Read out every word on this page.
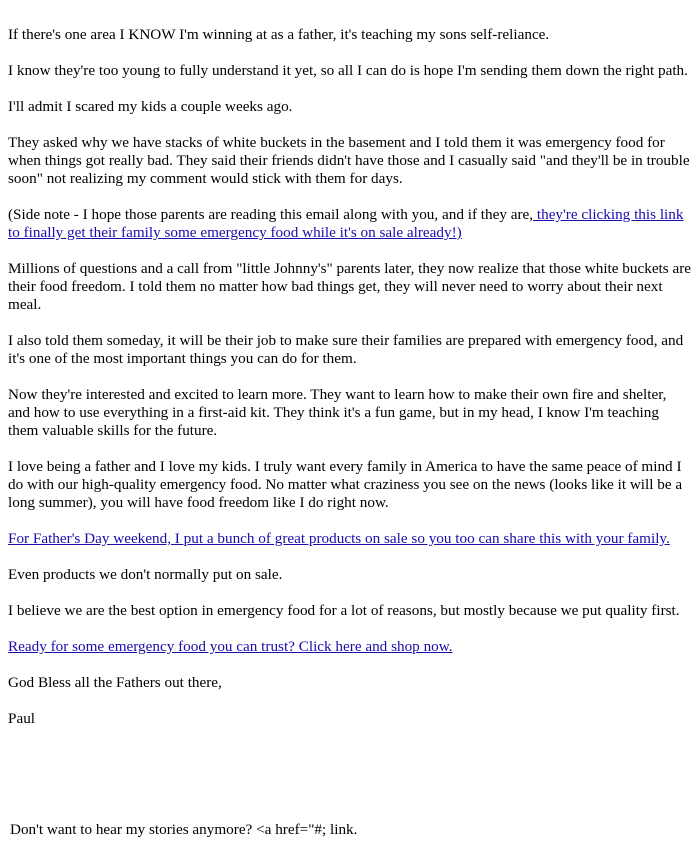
If there's one area I KNOW I'm winning at as a father, it's teaching my sons self-reliance.

I know they're too young to fully understand it yet, so all I can do is hope I'm sending them down the right path.

I'll admit I scared my kids a couple weeks ago.

They asked why we have stacks of white buckets in the basement and I told them it was emergency food for when things got really bad. They said their friends didn't have those and I casually said "and they'll be in trouble soon" not realizing my comment would stick with them for days.

(Side note - I hope those parents are reading this email along with you, and if they are, they're clicking this link to finally get their family some emergency food while it's on sale already!)

Millions of questions and a call from "little Johnny's" parents later, they now realize that those white buckets are their food freedom. I told them no matter how bad things get, they will never need to worry about their next meal.

I also told them someday, it will be their job to make sure their families are prepared with emergency food, and it's one of the most important things you can do for them.

Now they're interested and excited to learn more. They want to learn how to make their own fire and shelter, and how to use everything in a first-aid kit. They think it's a fun game, but in my head, I know I'm teaching them valuable skills for the future.

I love being a father and I love my kids. I truly want every family in America to have the same peace of mind I do with our high-quality emergency food. No matter what craziness you see on the news (looks like it will be a long summer), you will have food freedom like I do right now.

For Father's Day weekend, I put a bunch of great products on sale so you too can share this with your family.

Even products we don't normally put on sale.

I believe we are the best option in emergency food for a lot of reasons, but mostly because we put quality first.

Ready for some emergency food you can trust? Click here and shop now.

God Bless all the Fathers out there,

Paul

Don't want to hear my stories anymore? <a href="#; link.
